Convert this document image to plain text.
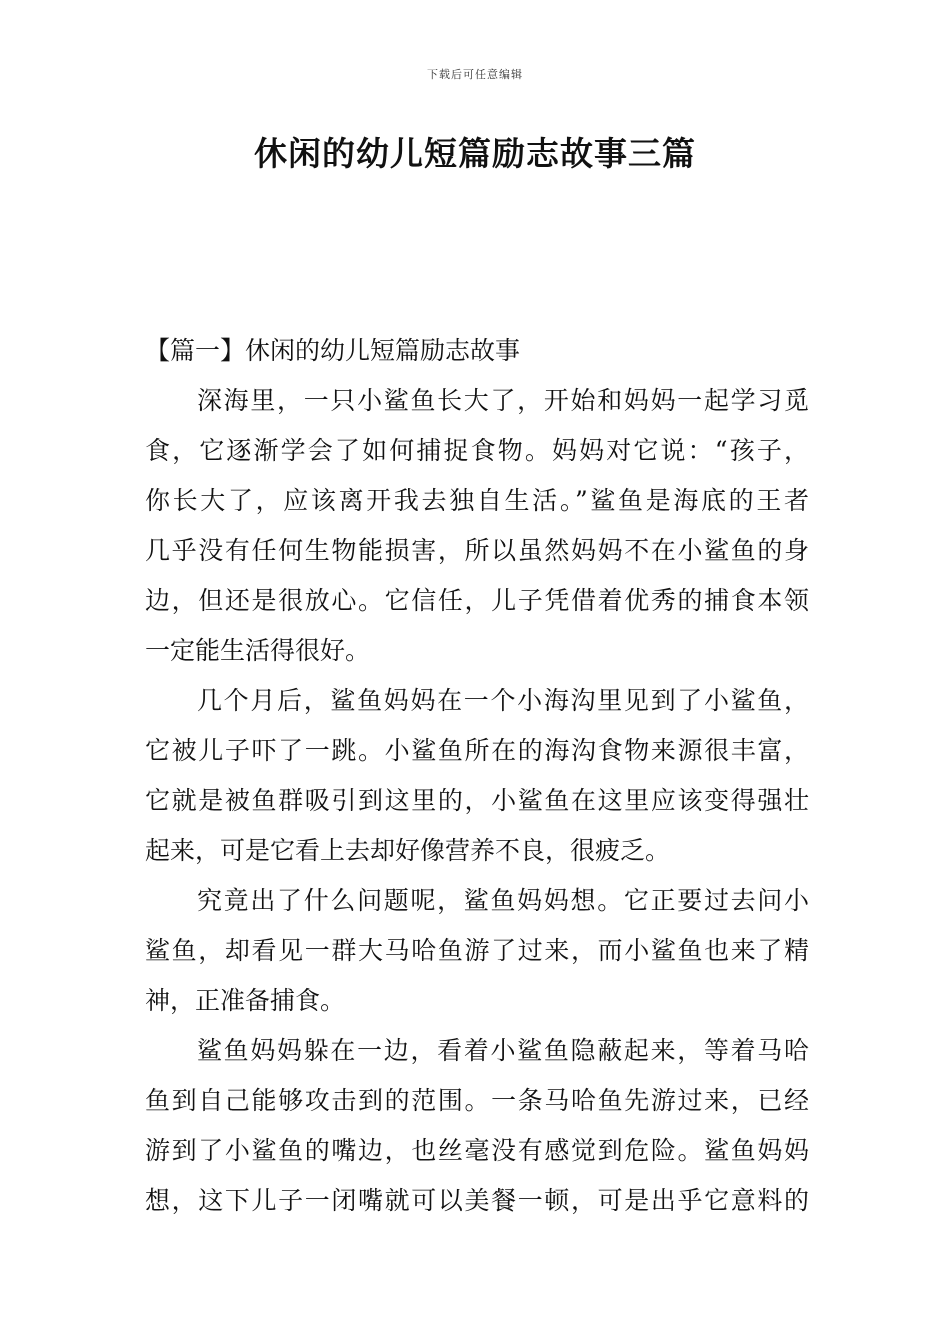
下载后可任意编辑
休闲的幼儿短篇励志故事三篇
【篇一】休闲的幼儿短篇励志故事
深海里，一只小鲨鱼长大了，开始和妈妈一起学习觅
食，它逐渐学会了如何捕捉食物。妈妈对它说：“孩子，
你长大了，应该离开我去独自生活。”鲨鱼是海底的王者
几乎没有任何生物能损害，所以虽然妈妈不在小鲨鱼的身
边，但还是很放心。它信任，儿子凭借着优秀的捕食本领
一定能生活得很好。
几个月后，鲨鱼妈妈在一个小海沟里见到了小鲨鱼，
它被儿子吓了一跳。小鲨鱼所在的海沟食物来源很丰富，
它就是被鱼群吸引到这里的，小鲨鱼在这里应该变得强壮
起来，可是它看上去却好像营养不良，很疲乏。
究竟出了什么问题呢，鲨鱼妈妈想。它正要过去问小
鲨鱼，却看见一群大马哈鱼游了过来，而小鲨鱼也来了精
神，正准备捕食。
鲨鱼妈妈躲在一边，看着小鲨鱼隐蔽起来，等着马哈
鱼到自己能够攻击到的范围。一条马哈鱼先游过来，已经
游到了小鲨鱼的嘴边，也丝毫没有感觉到危险。鲨鱼妈妈
想，这下儿子一闭嘴就可以美餐一顿，可是出乎它意料的
